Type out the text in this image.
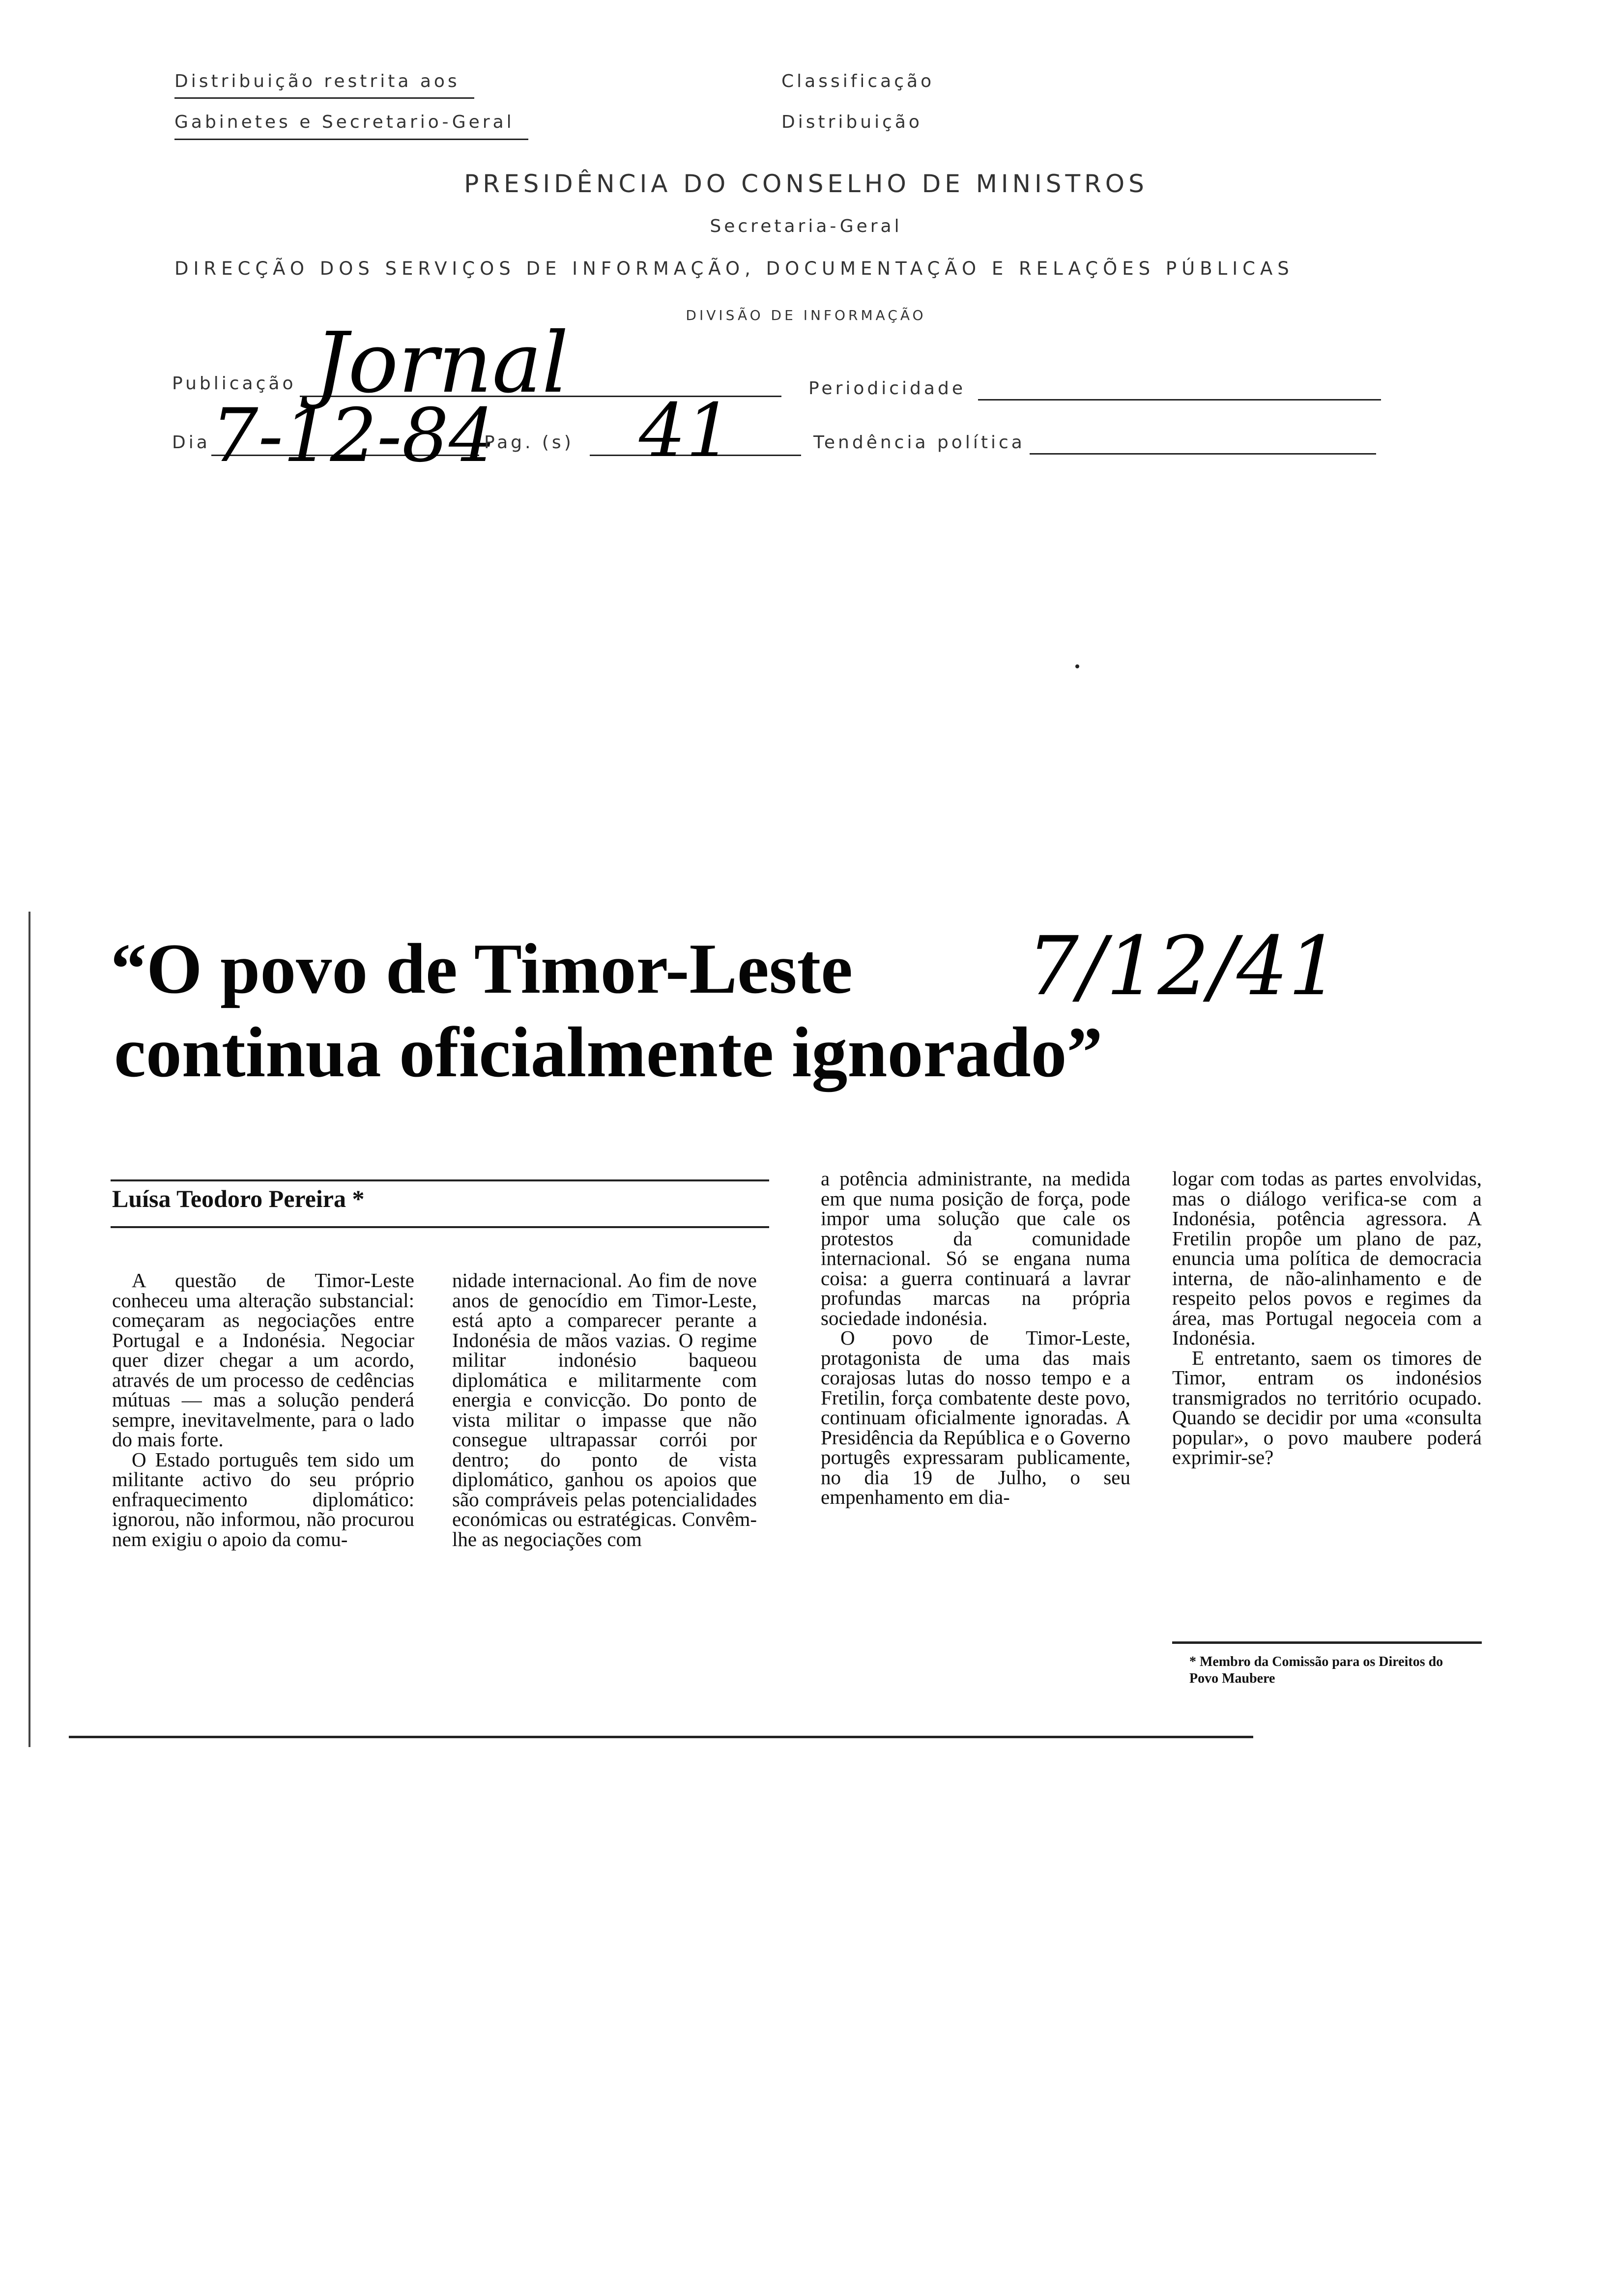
Distribuição restrita aos
Gabinetes e Secretario-Geral
Classificação
Distribuição
PRESIDÊNCIA DO CONSELHO DE MINISTROS
Secretaria-Geral
DIRECÇÃO DOS SERVIÇOS DE INFORMAÇÃO, DOCUMENTAÇÃO E RELAÇÕES PÚBLICAS
DIVISÃO DE INFORMAÇÃO
Publicação Jornal	Periodicidade
Dia 7-12-84
Pag. (s) 41	Tendência política
“O povo de Timor-Leste
continua oficialmente ignorado”
7/12/41
Luísa Teodoro Pereira *

A questão de Timor-Leste conheceu uma alteração substancial: começaram as negociações entre Portugal e a Indonésia. Negociar quer dizer chegar a um acordo, através de um processo de cedências mútuas — mas a solução penderá sempre, inevitavelmente, para o lado do mais forte.

O Estado português tem sido um militante activo do seu próprio enfraquecimento diplomático: ignorou, não informou, não procurou nem exigiu o apoio da comu-

nidade internacional. Ao fim de nove anos de genocídio em Timor-Leste, está apto a comparecer perante a Indonésia de mãos vazias. O regime militar indonésio baqueou diplomática e militarmente com energia e convicção. Do ponto de vista militar o impasse que não consegue ultrapassar corrói por dentro; do ponto de vista diplomático, ganhou os apoios que são compráveis pelas potencialidades económicas ou estratégicas. Convêm-lhe as negociações com

a potência administrante, na medida em que numa posição de força, pode impor uma solução que cale os protestos da comunidade internacional. Só se engana numa coisa: a guerra continuará a lavrar profundas marcas na própria sociedade indonésia.

O povo de Timor-Leste, protagonista de uma das mais corajosas lutas do nosso tempo e a Fretilin, força combatente deste povo, continuam oficialmente ignoradas. A Presidência da República e o Governo portugês expressaram publicamente, no dia 19 de Julho, o seu empenhamento em dia-

logar com todas as partes envolvidas, mas o diálogo verifica-se com a Indonésia, potência agressora. A Fretilin propôe um plano de paz, enuncia uma política de democracia interna, de não-alinhamento e de respeito pelos povos e regimes da área, mas Portugal negoceia com a Indonésia.

E entretanto, saem os timores de Timor, entram os indonésios transmigrados no território ocupado. Quando se decidir por uma «consulta popular», o povo maubere poderá exprimir-se?

* Membro da Comissão para os Direitos do Povo Maubere
